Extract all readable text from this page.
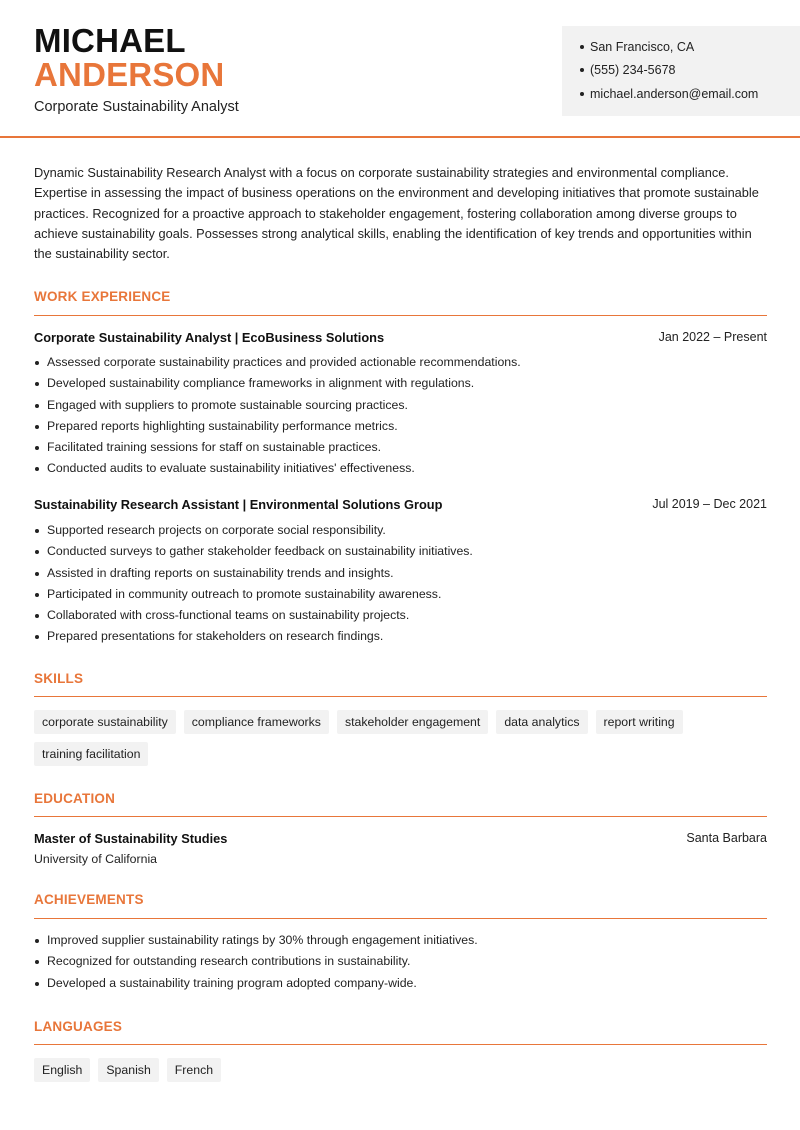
MICHAEL
ANDERSON
Corporate Sustainability Analyst
San Francisco, CA
(555) 234-5678
michael.anderson@email.com

Dynamic Sustainability Research Analyst with a focus on corporate sustainability strategies and environmental compliance. Expertise in assessing the impact of business operations on the environment and developing initiatives that promote sustainable practices. Recognized for a proactive approach to stakeholder engagement, fostering collaboration among diverse groups to achieve sustainability goals. Possesses strong analytical skills, enabling the identification of key trends and opportunities within the sustainability sector.

WORK EXPERIENCE
Corporate Sustainability Analyst | EcoBusiness Solutions	Jan 2022 – Present
Assessed corporate sustainability practices and provided actionable recommendations.
Developed sustainability compliance frameworks in alignment with regulations.
Engaged with suppliers to promote sustainable sourcing practices.
Prepared reports highlighting sustainability performance metrics.
Facilitated training sessions for staff on sustainable practices.
Conducted audits to evaluate sustainability initiatives' effectiveness.
Sustainability Research Assistant | Environmental Solutions Group	Jul 2019 – Dec 2021
Supported research projects on corporate social responsibility.
Conducted surveys to gather stakeholder feedback on sustainability initiatives.
Assisted in drafting reports on sustainability trends and insights.
Participated in community outreach to promote sustainability awareness.
Collaborated with cross-functional teams on sustainability projects.
Prepared presentations for stakeholders on research findings.
SKILLS
corporate sustainability compliance frameworks stakeholder engagement data analytics report writingtraining facilitation
EDUCATION
Master of Sustainability Studies	Santa Barbara
University of California
ACHIEVEMENTS
Improved supplier sustainability ratings by 30% through engagement initiatives.
Recognized for outstanding research contributions in sustainability.
Developed a sustainability training program adopted company-wide.
LANGUAGES
English Spanish French
